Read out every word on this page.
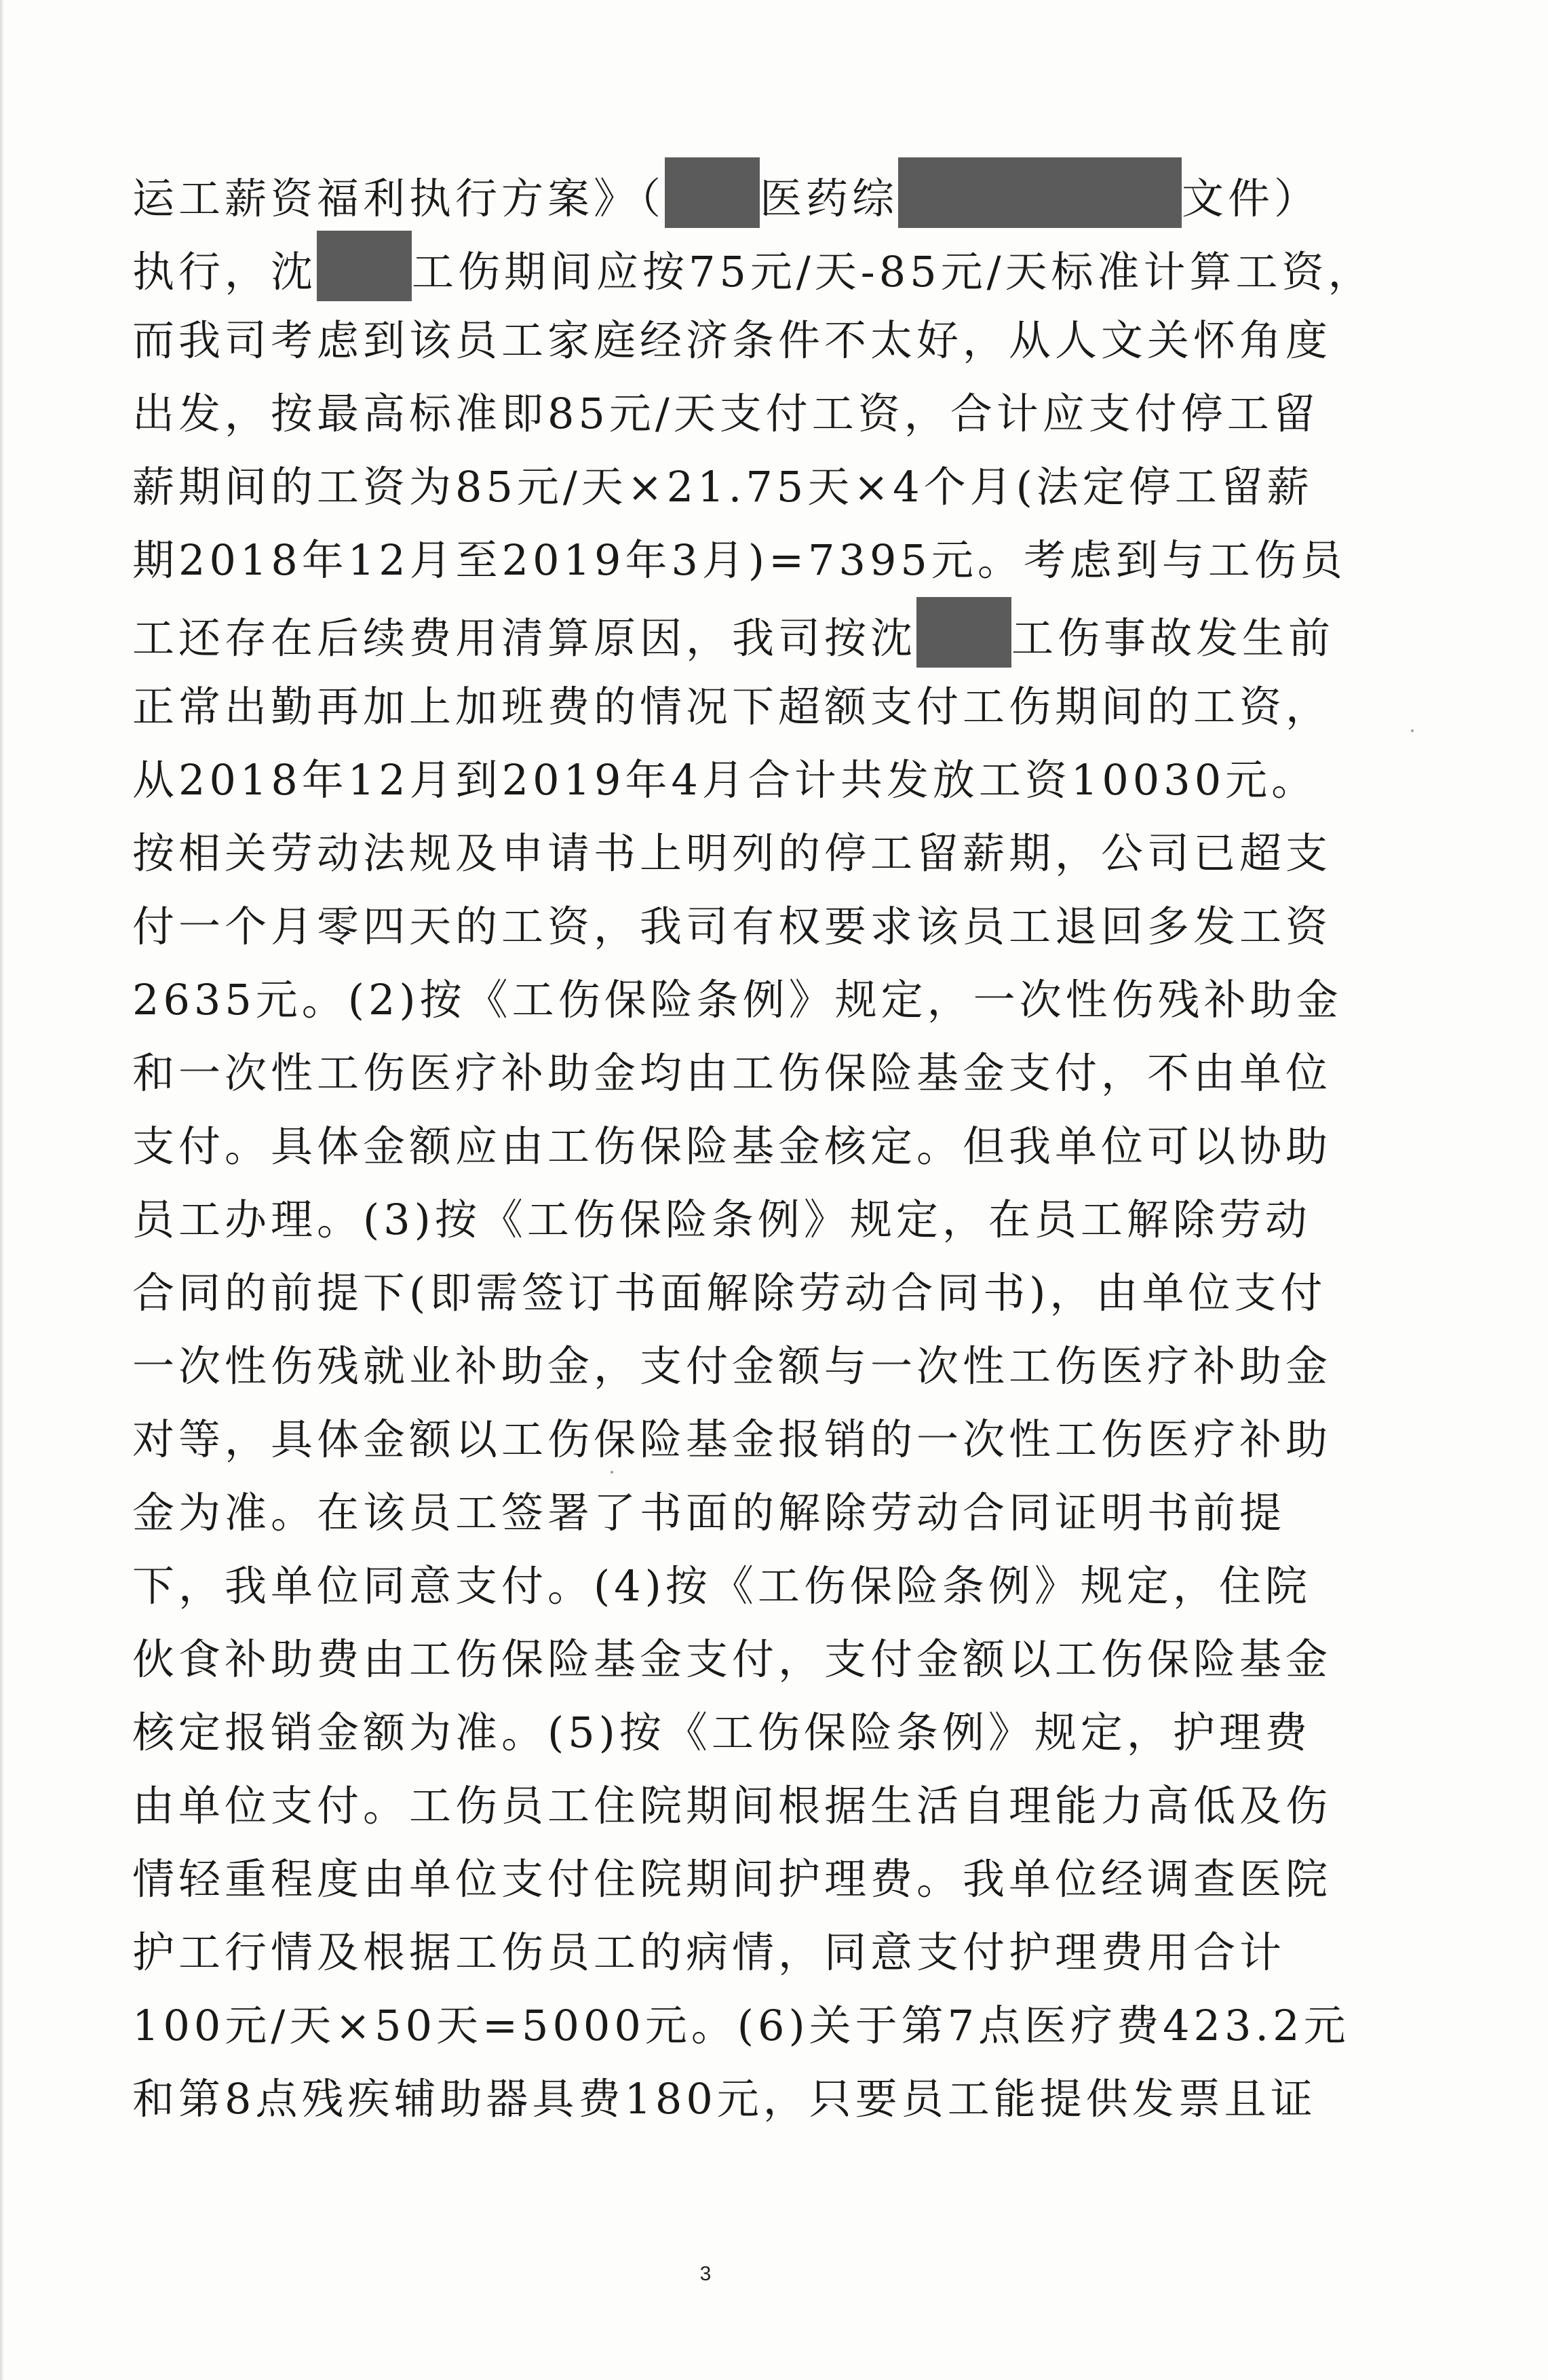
运工薪资福利执行方案》（ 医药综	文件）
执行，沈 工伤期间应按75元/天-85元/天标准计算工资，
而我司考虑到该员工家庭经济条件不太好，从人文关怀角度
出发，按最高标准即85元/天支付工资，合计应支付停工留
薪期间的工资为85元/天×21.75天×4个月(法定停工留薪
期2018年12月至2019年3月)=7395元。考虑到与工伤员
工还存在后续费用清算原因，我司按沈 工伤事故发生前
正常出勤再加上加班费的情况下超额支付工伤期间的工资，
从2018年12月到2019年4月合计共发放工资10030元。
按相关劳动法规及申请书上明列的停工留薪期，公司已超支
付一个月零四天的工资，我司有权要求该员工退回多发工资
2635元。(2)按《工伤保险条例》规定，一次性伤残补助金
和一次性工伤医疗补助金均由工伤保险基金支付，不由单位
支付。具体金额应由工伤保险基金核定。但我单位可以协助
员工办理。(3)按《工伤保险条例》规定，在员工解除劳动
合同的前提下(即需签订书面解除劳动合同书)，由单位支付
一次性伤残就业补助金，支付金额与一次性工伤医疗补助金
对等，具体金额以工伤保险基金报销的一次性工伤医疗补助
金为准。在该员工签署了书面的解除劳动合同证明书前提
下，我单位同意支付。(4)按《工伤保险条例》规定，住院
伙食补助费由工伤保险基金支付，支付金额以工伤保险基金
核定报销金额为准。(5)按《工伤保险条例》规定，护理费
由单位支付。工伤员工住院期间根据生活自理能力高低及伤
情轻重程度由单位支付住院期间护理费。我单位经调查医院
护工行情及根据工伤员工的病情，同意支付护理费用合计
100元/天×50天=5000元。(6)关于第7点医疗费423.2元
和第8点残疾辅助器具费180元，只要员工能提供发票且证
3
